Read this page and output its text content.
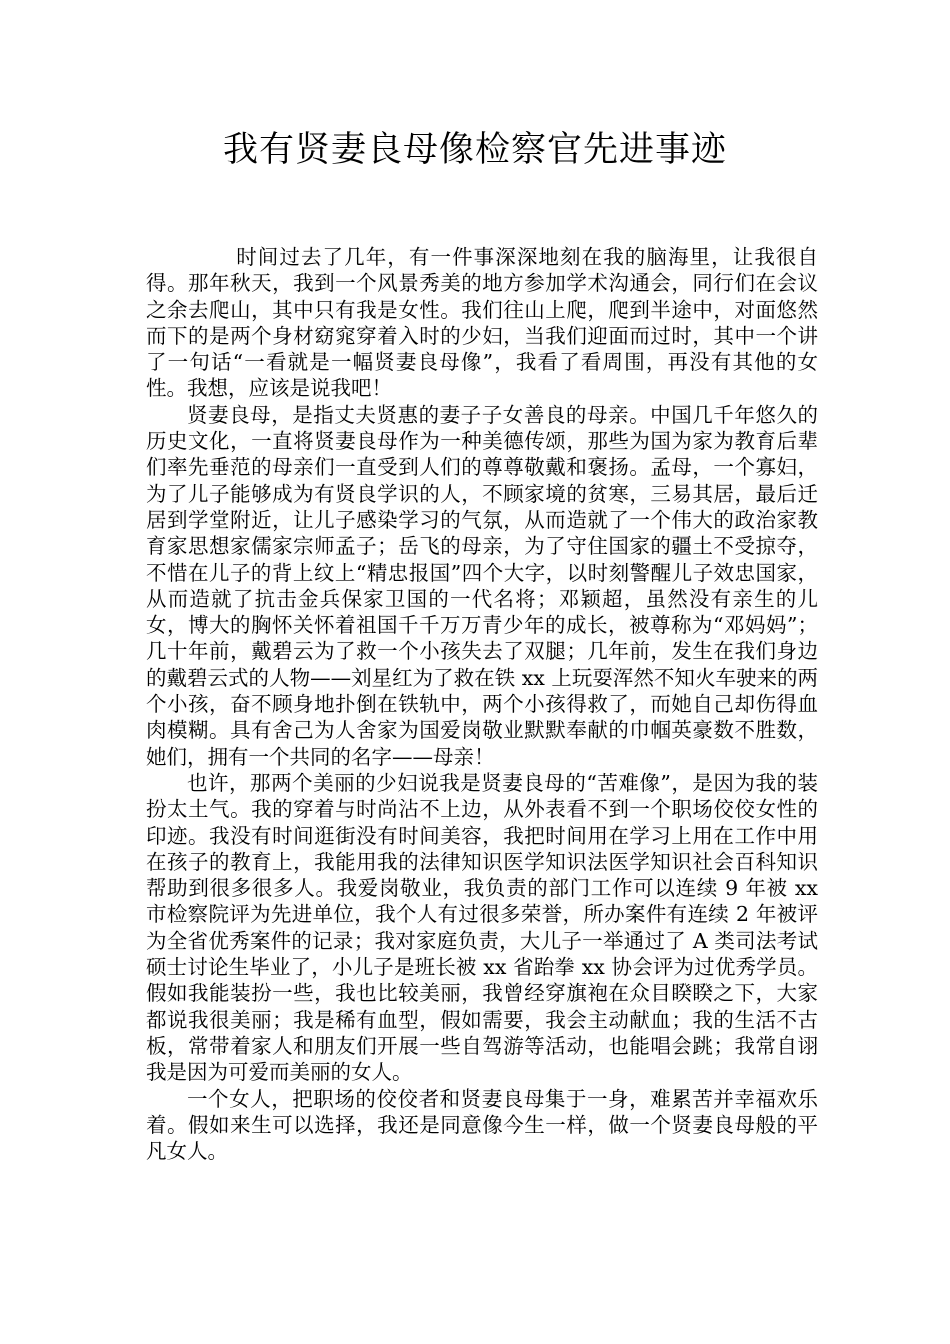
我有贤妻良母像检察官先进事迹

时间过去了几年，有一件事深深地刻在我的脑海里，让我很自得。那年秋天，我到一个风景秀美的地方参加学术沟通会，同行们在会议之余去爬山，其中只有我是女性。我们往山上爬，爬到半途中，对面悠然而下的是两个身材窈窕穿着入时的少妇，当我们迎面而过时，其中一个讲了一句话“一看就是一幅贤妻良母像”，我看了看周围，再没有其他的女性。我想，应该是说我吧！

贤妻良母，是指丈夫贤惠的妻子子女善良的母亲。中国几千年悠久的历史文化，一直将贤妻良母作为一种美德传颂，那些为国为家为教育后辈们率先垂范的母亲们一直受到人们的尊尊敬戴和褒扬。孟母，一个寡妇，为了儿子能够成为有贤良学识的人，不顾家境的贫寒，三易其居，最后迁居到学堂附近，让儿子感染学习的气氛，从而造就了一个伟大的政治家教育家思想家儒家宗师孟子；岳飞的母亲，为了守住国家的疆土不受掠夺，不惜在儿子的背上纹上“精忠报国”四个大字，以时刻警醒儿子效忠国家，从而造就了抗击金兵保家卫国的一代名将；邓颖超，虽然没有亲生的儿女，博大的胸怀关怀着祖国千千万万青少年的成长，被尊称为“邓妈妈”；几十年前，戴碧云为了救一个小孩失去了双腿；几年前，发生在我们身边的戴碧云式的人物——刘星红为了救在铁 xx 上玩耍浑然不知火车驶来的两个小孩，奋不顾身地扑倒在铁轨中，两个小孩得救了，而她自己却伤得血肉模糊。具有舍己为人舍家为国爱岗敬业默默奉献的巾帼英豪数不胜数，她们，拥有一个共同的名字——母亲！

也许，那两个美丽的少妇说我是贤妻良母的“苦难像”，是因为我的装扮太土气。我的穿着与时尚沾不上边，从外表看不到一个职场佼佼女性的印迹。我没有时间逛街没有时间美容，我把时间用在学习上用在工作中用在孩子的教育上，我能用我的法律知识医学知识法医学知识社会百科知识帮助到很多很多人。我爱岗敬业，我负责的部门工作可以连续 9 年被 xx 市检察院评为先进单位，我个人有过很多荣誉，所办案件有连续 2 年被评为全省优秀案件的记录；我对家庭负责，大儿子一举通过了 A 类司法考试硕士讨论生毕业了，小儿子是班长被 xx 省跆拳 xx 协会评为过优秀学员。假如我能装扮一些，我也比较美丽，我曾经穿旗袍在众目睽睽之下，大家都说我很美丽；我是稀有血型，假如需要，我会主动献血；我的生活不古板，常带着家人和朋友们开展一些自驾游等活动，也能唱会跳；我常自诩我是因为可爱而美丽的女人。

一个女人，把职场的佼佼者和贤妻良母集于一身，难累苦并幸福欢乐着。假如来生可以选择，我还是同意像今生一样，做一个贤妻良母般的平凡女人。
